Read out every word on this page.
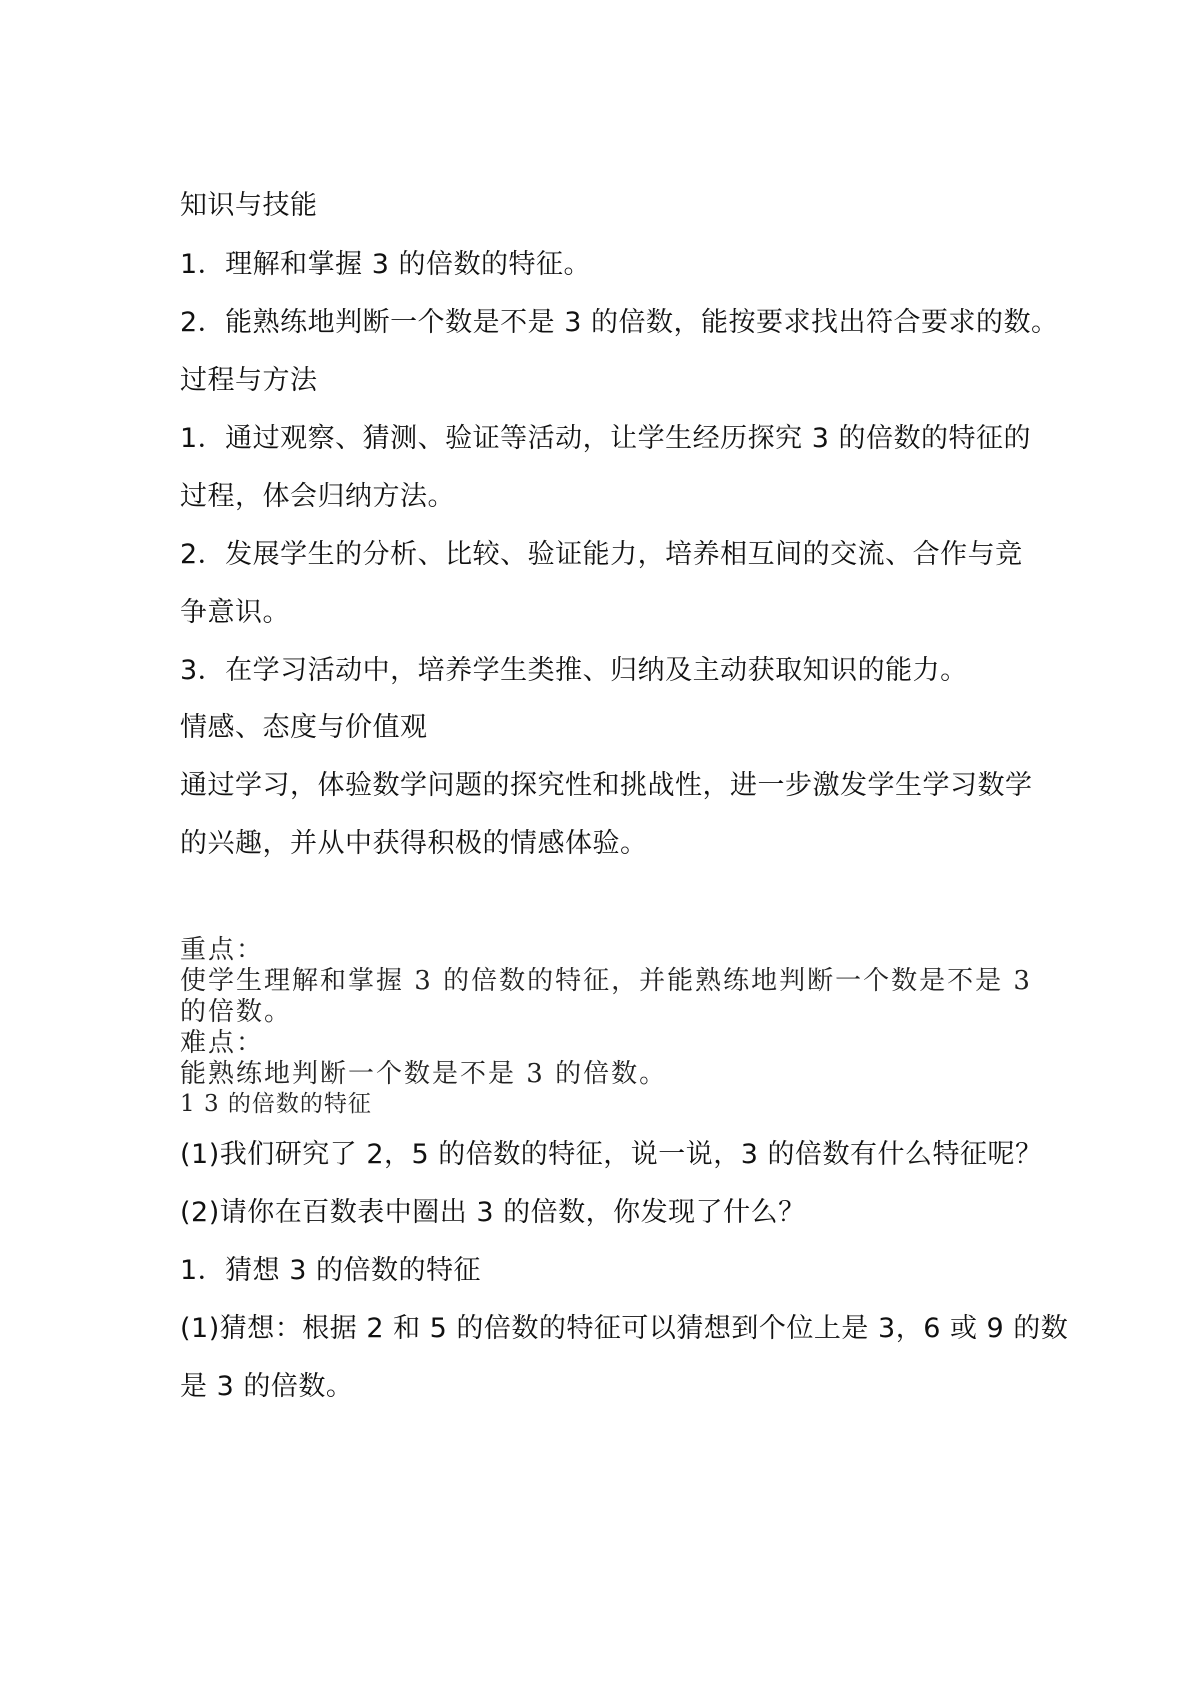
知识与技能

1．理解和掌握 3 的倍数的特征。

2．能熟练地判断一个数是不是 3 的倍数，能按要求找出符合要求的数。

过程与方法

1．通过观察、猜测、验证等活动，让学生经历探究 3 的倍数的特征的

过程，体会归纳方法。

2．发展学生的分析、比较、验证能力，培养相互间的交流、合作与竞

争意识。

3．在学习活动中，培养学生类推、归纳及主动获取知识的能力。

情感、态度与价值观

通过学习，体验数学问题的探究性和挑战性，进一步激发学生学习数学

的兴趣，并从中获得积极的情感体验。

重点：

使学生理解和掌握 3 的倍数的特征，并能熟练地判断一个数是不是 3

的倍数。

难点：

能熟练地判断一个数是不是 3 的倍数。

1 3 的倍数的特征

(1)我们研究了 2，5 的倍数的特征，说一说，3 的倍数有什么特征呢？

(2)请你在百数表中圈出 3 的倍数，你发现了什么？

1．猜想 3 的倍数的特征

(1)猜想：根据 2 和 5 的倍数的特征可以猜想到个位上是 3，6 或 9 的数

是 3 的倍数。
